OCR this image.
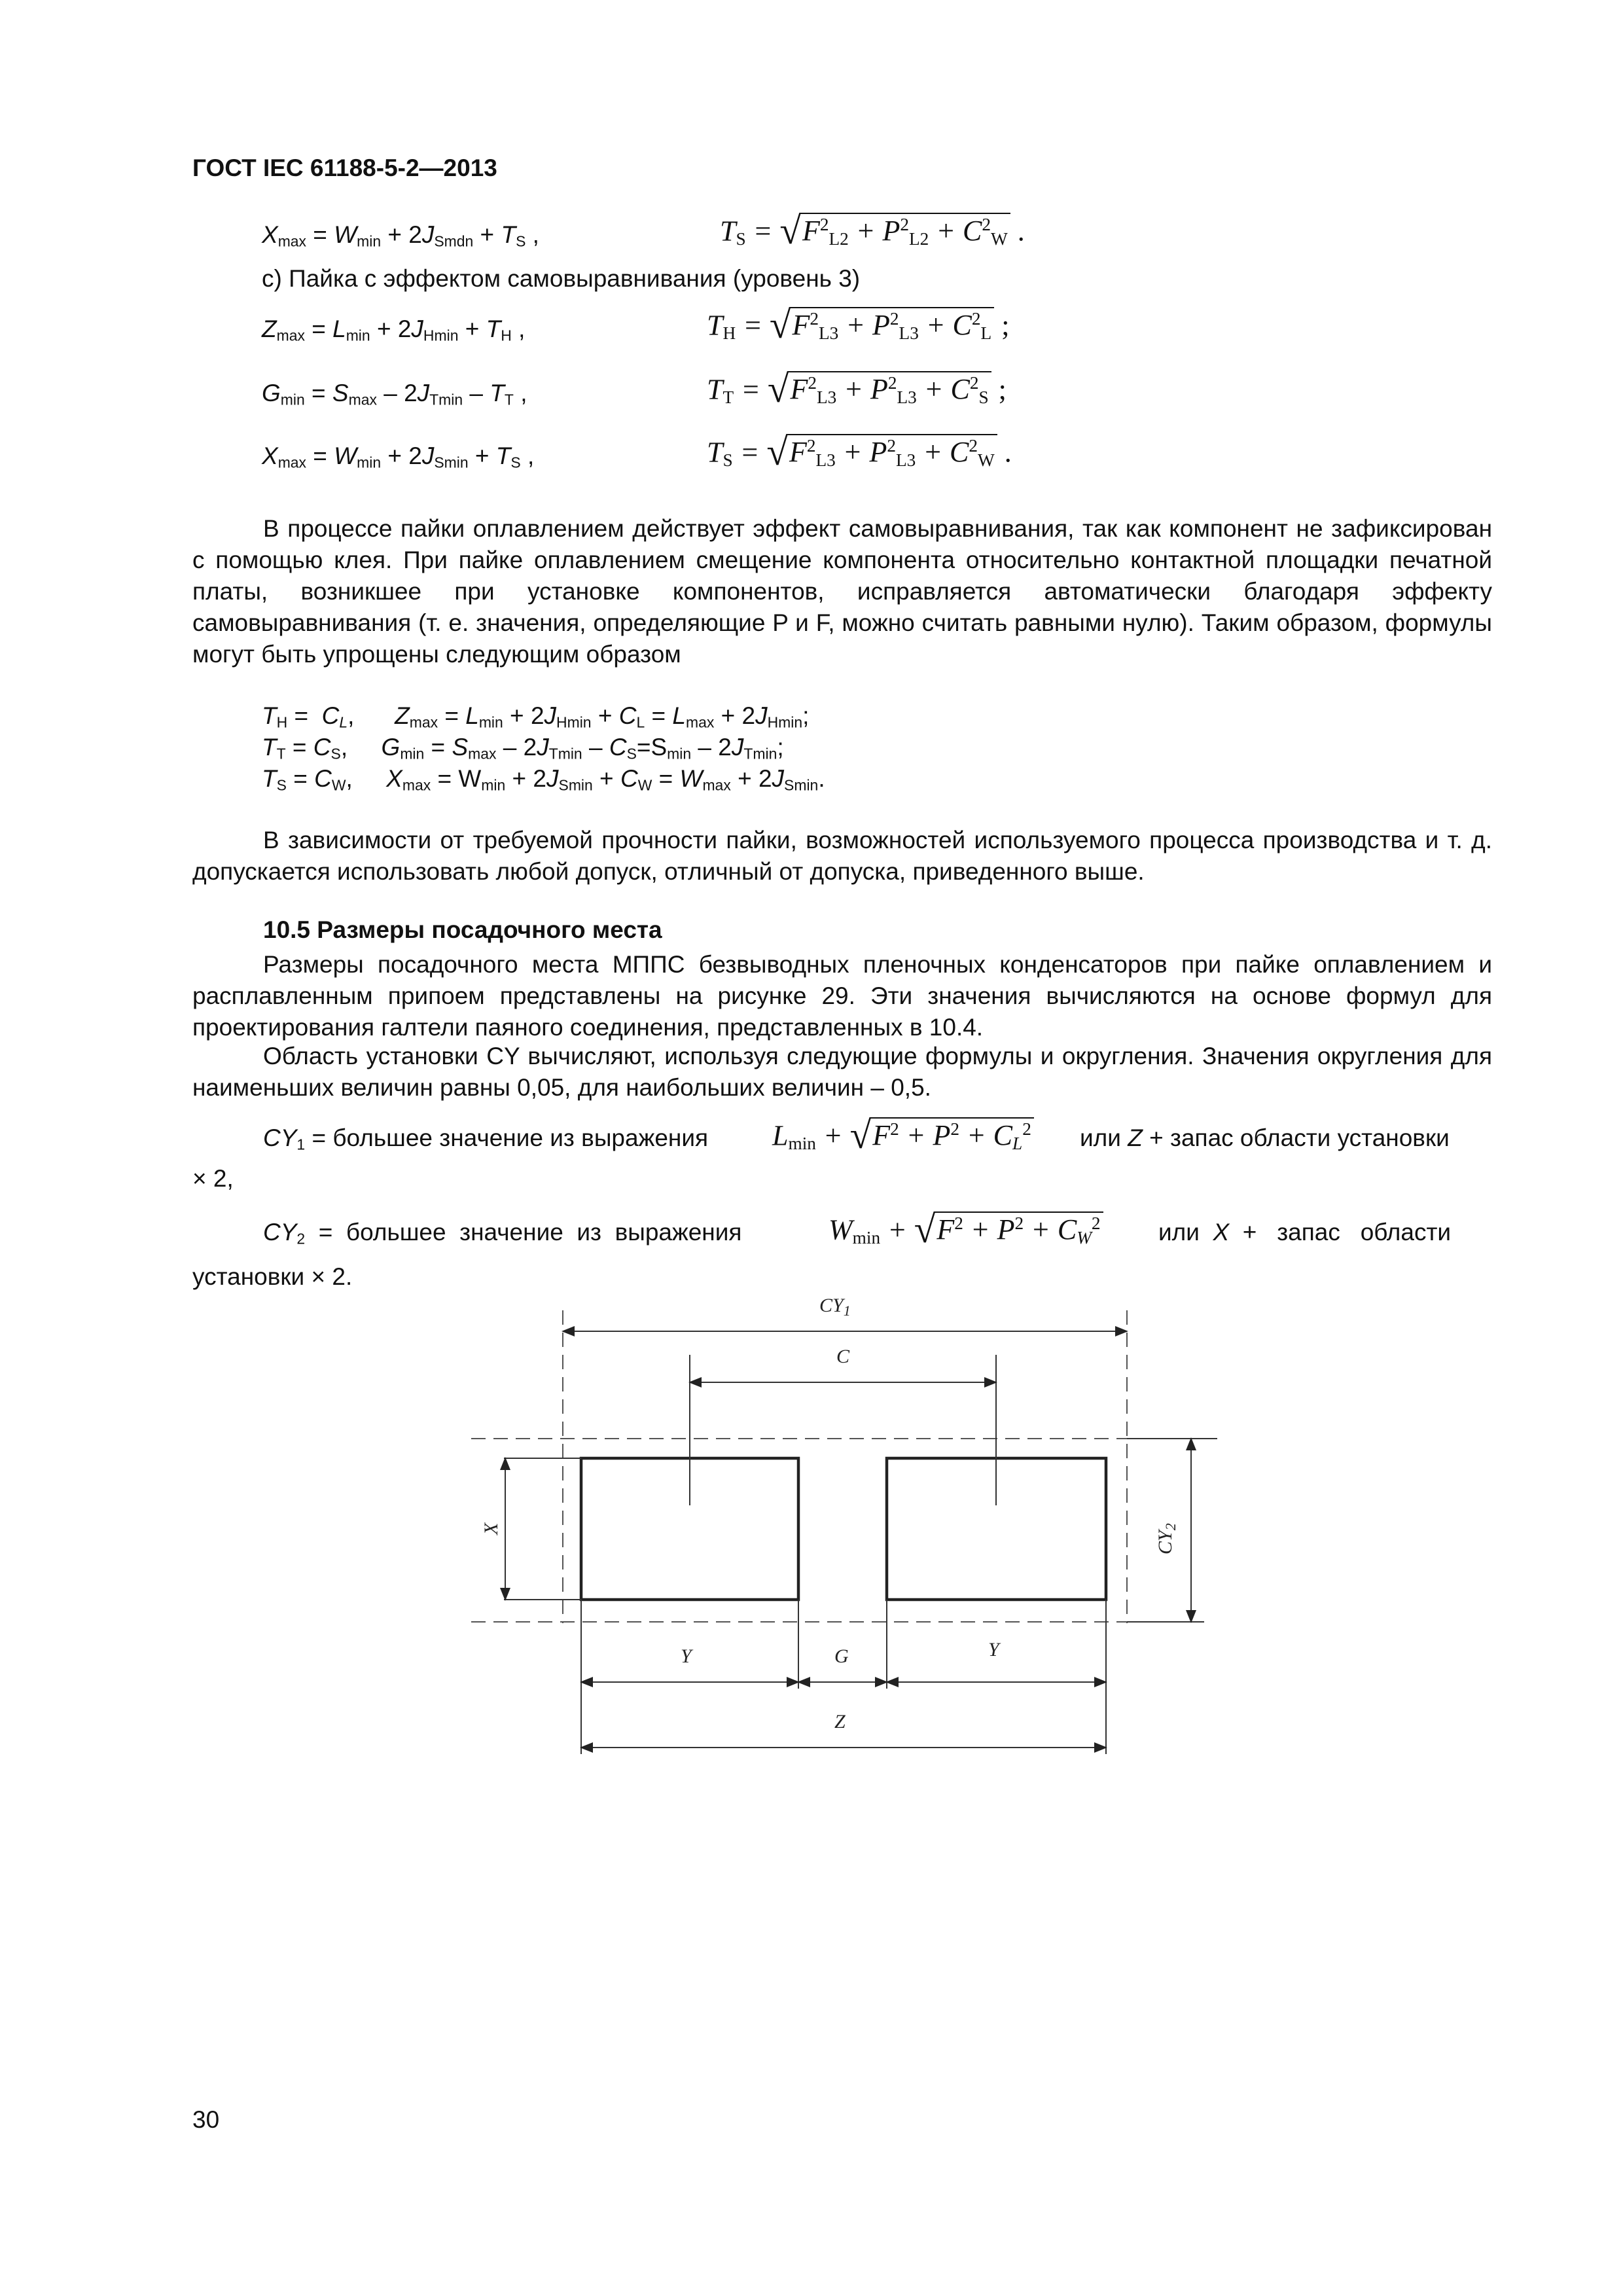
ГОСТ IEC 61188-5-2—2013
$X_{max} = W_{min} + 2J_{Smdn} + T_S$ ,	$T_S = √F^2_{L2} + P^2_{L2} + C^2_W$ .
c) Пайка с эффектом самовыравнивания (уровень 3)
$Z_{max} = L_{min} + 2J_{Hmin} + T_H$ ,	$T_H = √F^2_{L3} + P^2_{L3} + C^2_L$ ;
$G_{min} = S_{max} - 2J_{Tmin} - T_T$ ,	$T_T = √F^2_{L3} + P^2_{L3} + C^2_S$ ;
$X_{max} = W_{min} + 2J_{Smin} + T_S$ ,	$T_S = √F^2_{L3} + P^2_{L3} + C^2_W$ .
В процессе пайки оплавлением действует эффект самовыравнивания, так как компонент не зафиксирован с помощью клея. При пайке оплавлением смещение компонента относительно контактной площадки печатной платы, возникшее при установке компонентов, исправляется автоматически благодаря эффекту самовыравнивания (т. е. значения, определяющие P и F, можно считать равными нулю). Таким образом, формулы могут быть упрощены следующим образом
$T_H = C_L$,      $Z_{max} = L_{min} + 2J_{Hmin} + C_L = L_{max} + 2J_{Hmin}$;
$T_T = C_S$,     $G_{min} = S_{max} - 2J_{Tmin} - C_S=S_{min} - 2J_{Tmin}$;
$T_S = C_W$,     $X_{max} = W_{min} + 2J_{Smin} + C_W = W_{max} + 2J_{Smin}$.
В зависимости от требуемой прочности пайки, возможностей используемого процесса производства и т. д. допускается использовать любой допуск, отличный от допуска, приведенного выше.
10.5 Размеры посадочного места
Размеры посадочного места МППС безвыводных пленочных конденсаторов при пайке оплавлением и расплавленным припоем представлены на рисунке 29. Эти значения вычисляются на основе формул для проектирования галтели паяного соединения, представленных в 10.4.
Область установки CY вычисляют, используя следующие формулы и округления. Значения округления для наименьших величин равны 0,05, для наибольших величин – 0,5.
$CY_1$ = большее значение из выражения $L_{min} + √F^2 + P^2 + C_L^2$ или Z + запас области установки
× 2,
$CY_2$  =  большее  значение  из  выражения	$W_{min} + √F^2 + P^2 + C_W^2$ или  X  +   запас   области
установки × 2.
C
$CY_1$
X
$CY_2$
Y	G	Y
Z
30
